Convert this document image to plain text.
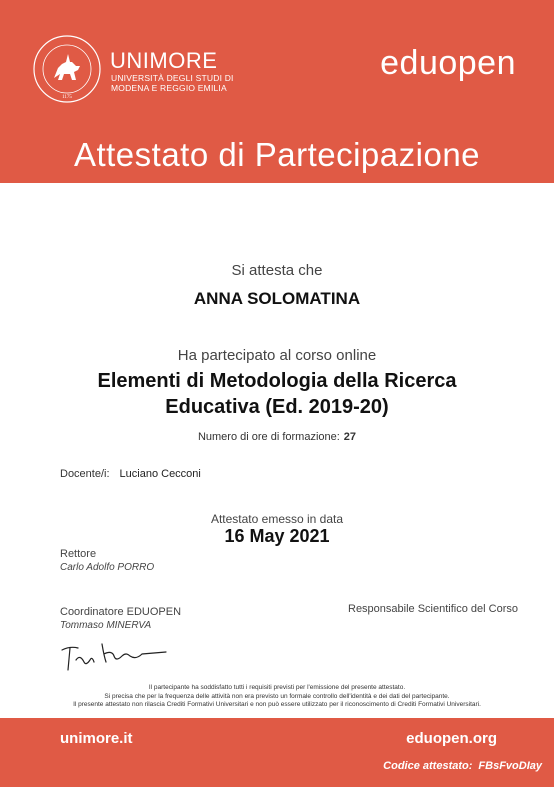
1175
UNIMORE
UNIVERSITÀ DEGLI STUDI DI
MODENA E REGGIO EMILIA
eduopen
Attestato di Partecipazione
Si attesta che
ANNA SOLOMATINA
Ha partecipato al corso online
Elementi di Metodologia della Ricerca
Educativa (Ed. 2019-20)
Numero di ore di formazione: 27
Docente/i: Luciano Cecconi
Attestato emesso in data
16 May 2021
Rettore
Carlo Adolfo PORRO
Coordinatore EDUOPEN
Tommaso MINERVA
Responsabile Scientifico del Corso
Il partecipante ha soddisfatto tutti i requisiti previsti per l'emissione del presente attestato.
Si precisa che per la frequenza delle attività non era previsto un formale controllo dell'identità e dei dati del partecipante.
Il presente attestato non rilascia Crediti Formativi Universitari e non può essere utilizzato per il riconoscimento di Crediti Formativi Universitari.
unimore.it	eduopen.org
Codice attestato: FBsFvoDIay
